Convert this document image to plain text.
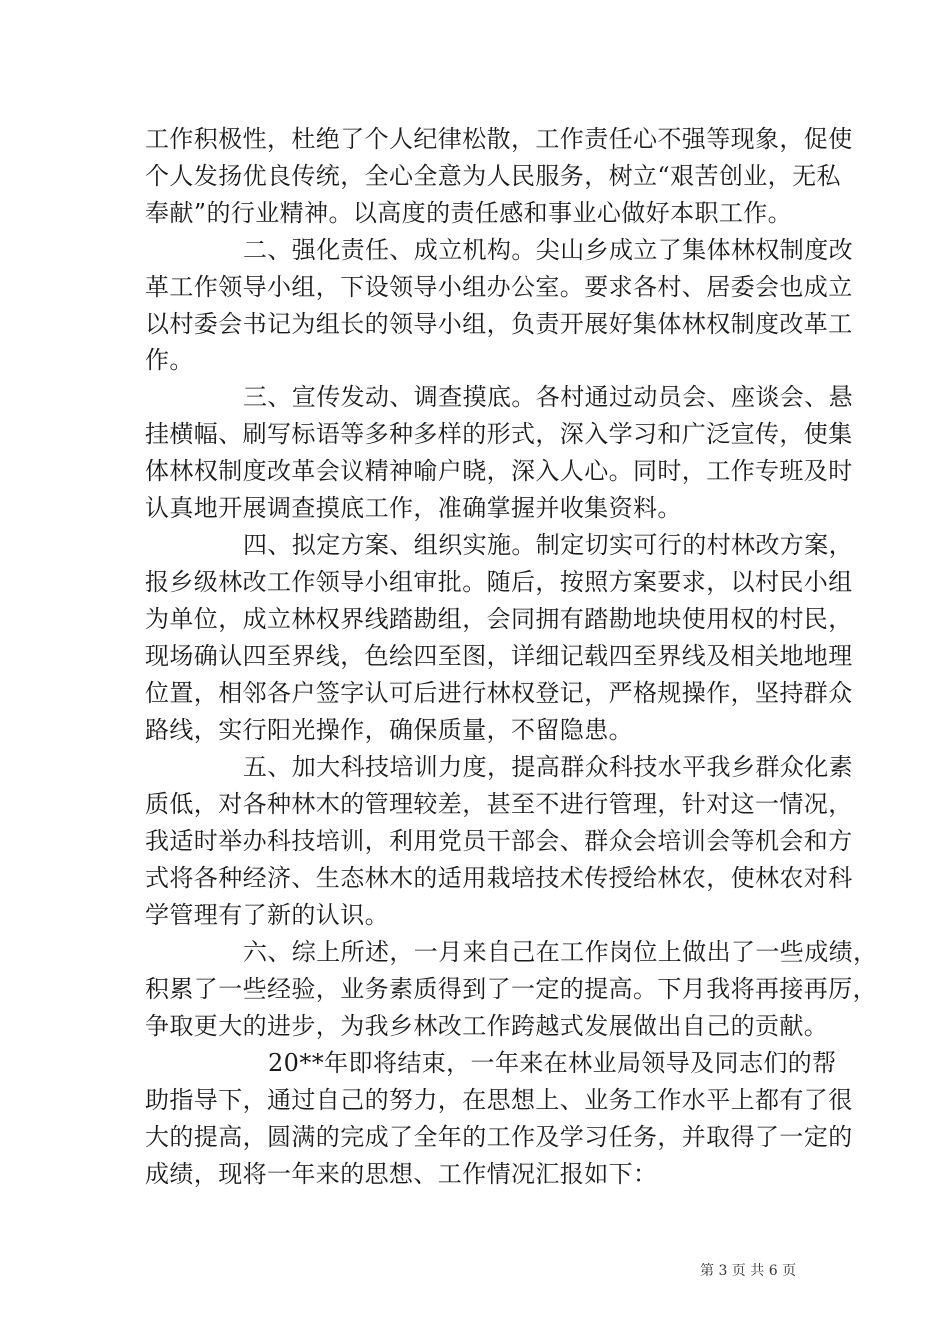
工作积极性，杜绝了个人纪律松散，工作责任心不强等现象，促使
个人发扬优良传统，全心全意为人民服务，树立“艰苦创业，无私
奉献”的行业精神。以高度的责任感和事业心做好本职工作。
二、强化责任、成立机构。尖山乡成立了集体林权制度改
革工作领导小组，下设领导小组办公室。要求各村、居委会也成立
以村委会书记为组长的领导小组，负责开展好集体林权制度改革工
作。
三、宣传发动、调查摸底。各村通过动员会、座谈会、悬
挂横幅、刷写标语等多种多样的形式，深入学习和广泛宣传，使集
体林权制度改革会议精神喻户晓，深入人心。同时，工作专班及时
认真地开展调查摸底工作，准确掌握并收集资料。
四、拟定方案、组织实施。制定切实可行的村林改方案，
报乡级林改工作领导小组审批。随后，按照方案要求，以村民小组
为单位，成立林权界线踏勘组，会同拥有踏勘地块使用权的村民，
现场确认四至界线，色绘四至图，详细记载四至界线及相关地地理
位置，相邻各户签字认可后进行林权登记，严格规操作，坚持群众
路线，实行阳光操作，确保质量，不留隐患。
五、加大科技培训力度，提高群众科技水平我乡群众化素
质低，对各种林木的管理较差，甚至不进行管理，针对这一情况，
我适时举办科技培训，利用党员干部会、群众会培训会等机会和方
式将各种经济、生态林木的适用栽培技术传授给林农，使林农对科
学管理有了新的认识。
六、综上所述，一月来自己在工作岗位上做出了一些成绩，
积累了一些经验，业务素质得到了一定的提高。下月我将再接再厉，
争取更大的进步，为我乡林改工作跨越式发展做出自己的贡献。
20**年即将结束，一年来在林业局领导及同志们的帮
助指导下，通过自己的努力，在思想上、业务工作水平上都有了很
大的提高，圆满的完成了全年的工作及学习任务，并取得了一定的
成绩，现将一年来的思想、工作情况汇报如下：
第 3 页 共 6 页
